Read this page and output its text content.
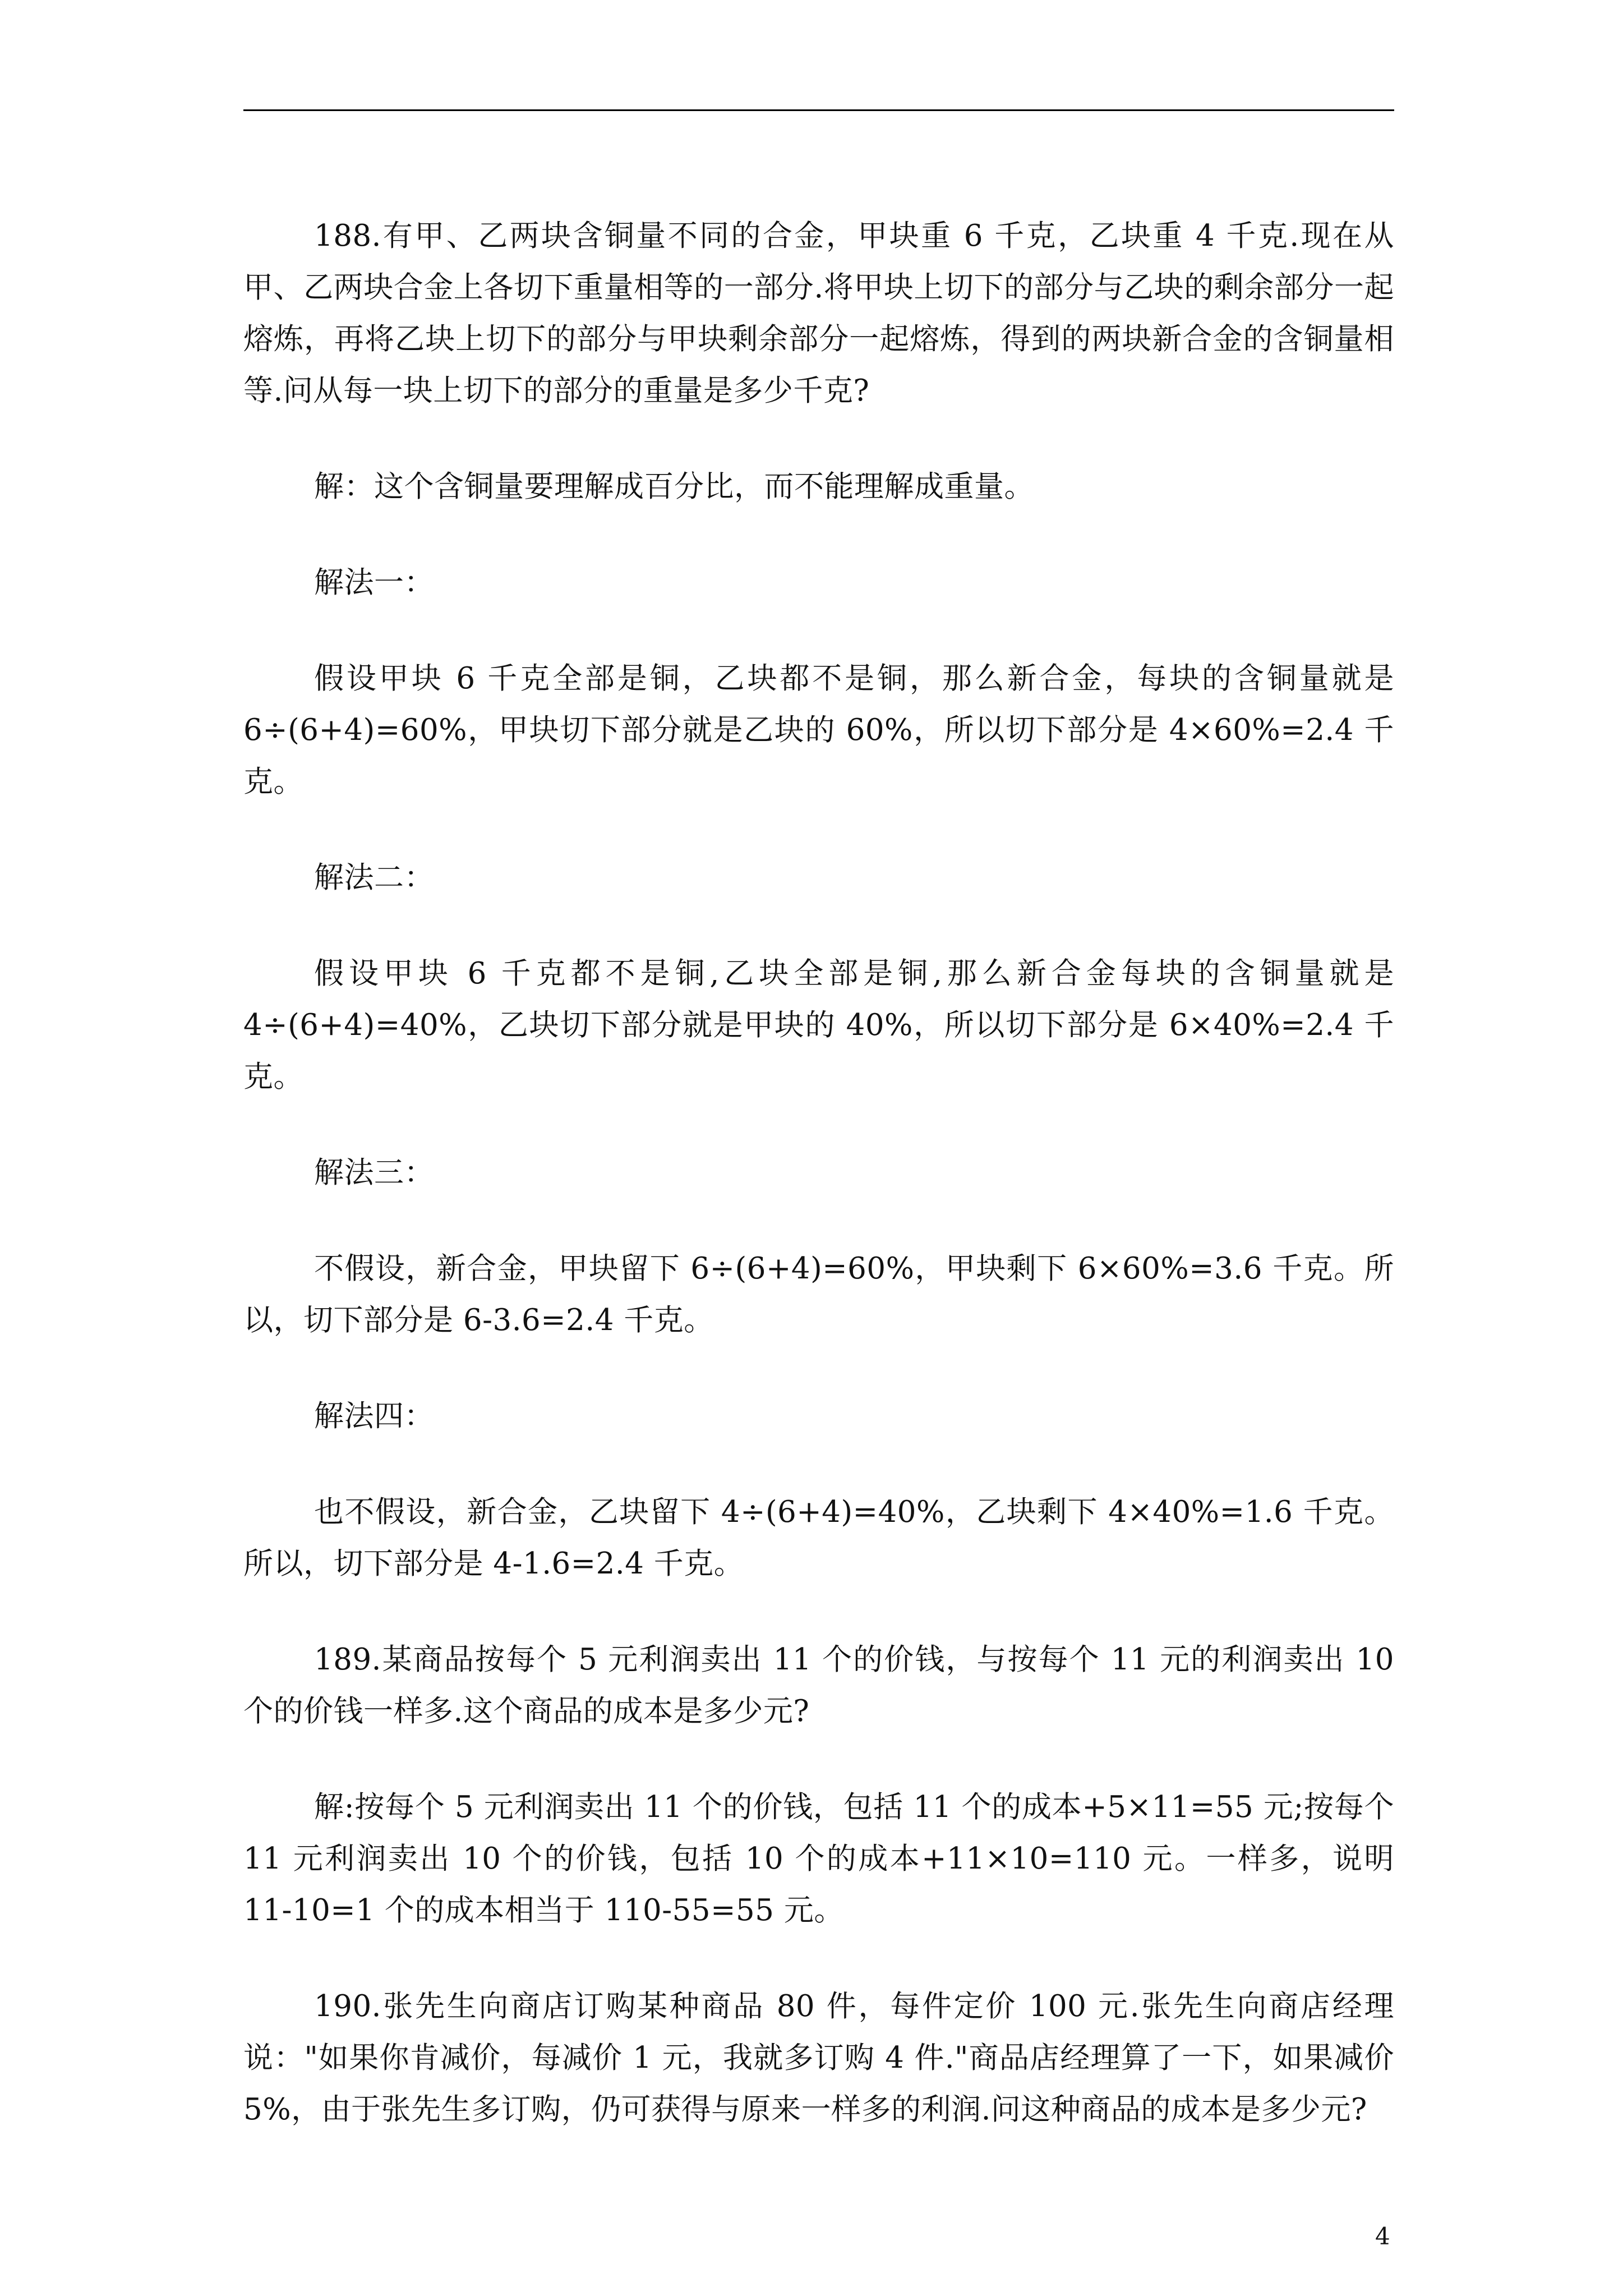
188.有甲、乙两块含铜量不同的合金，甲块重 6 千克，乙块重 4 千克.现在从甲、乙两块合金上各切下重量相等的一部分.将甲块上切下的部分与乙块的剩余部分一起熔炼，再将乙块上切下的部分与甲块剩余部分一起熔炼，得到的两块新合金的含铜量相等.问从每一块上切下的部分的重量是多少千克?

解：这个含铜量要理解成百分比，而不能理解成重量。

解法一：

假设甲块 6 千克全部是铜，乙块都不是铜，那么新合金，每块的含铜量就是 6÷(6+4)=60%，甲块切下部分就是乙块的 60%，所以切下部分是 4×60%=2.4 千克。

解法二：

假设甲块 6 千克都不是铜,乙块全部是铜,那么新合金每块的含铜量就是 4÷(6+4)=40%，乙块切下部分就是甲块的 40%，所以切下部分是 6×40%=2.4 千克。

解法三：

不假设，新合金，甲块留下 6÷(6+4)=60%，甲块剩下 6×60%=3.6 千克。所以，切下部分是 6-3.6=2.4 千克。

解法四：

也不假设，新合金，乙块留下 4÷(6+4)=40%，乙块剩下 4×40%=1.6 千克。所以，切下部分是 4-1.6=2.4 千克。

189.某商品按每个 5 元利润卖出 11 个的价钱，与按每个 11 元的利润卖出 10 个的价钱一样多.这个商品的成本是多少元?

解:按每个 5 元利润卖出 11 个的价钱，包括 11 个的成本+5×11=55 元;按每个 11 元利润卖出 10 个的价钱，包括 10 个的成本+11×10=110 元。一样多，说明 11-10=1 个的成本相当于 110-55=55 元。

190.张先生向商店订购某种商品 80 件，每件定价 100 元.张先生向商店经理说："如果你肯减价，每减价 1 元，我就多订购 4 件."商品店经理算了一下，如果减价 5%，由于张先生多订购，仍可获得与原来一样多的利润.问这种商品的成本是多少元?

4
